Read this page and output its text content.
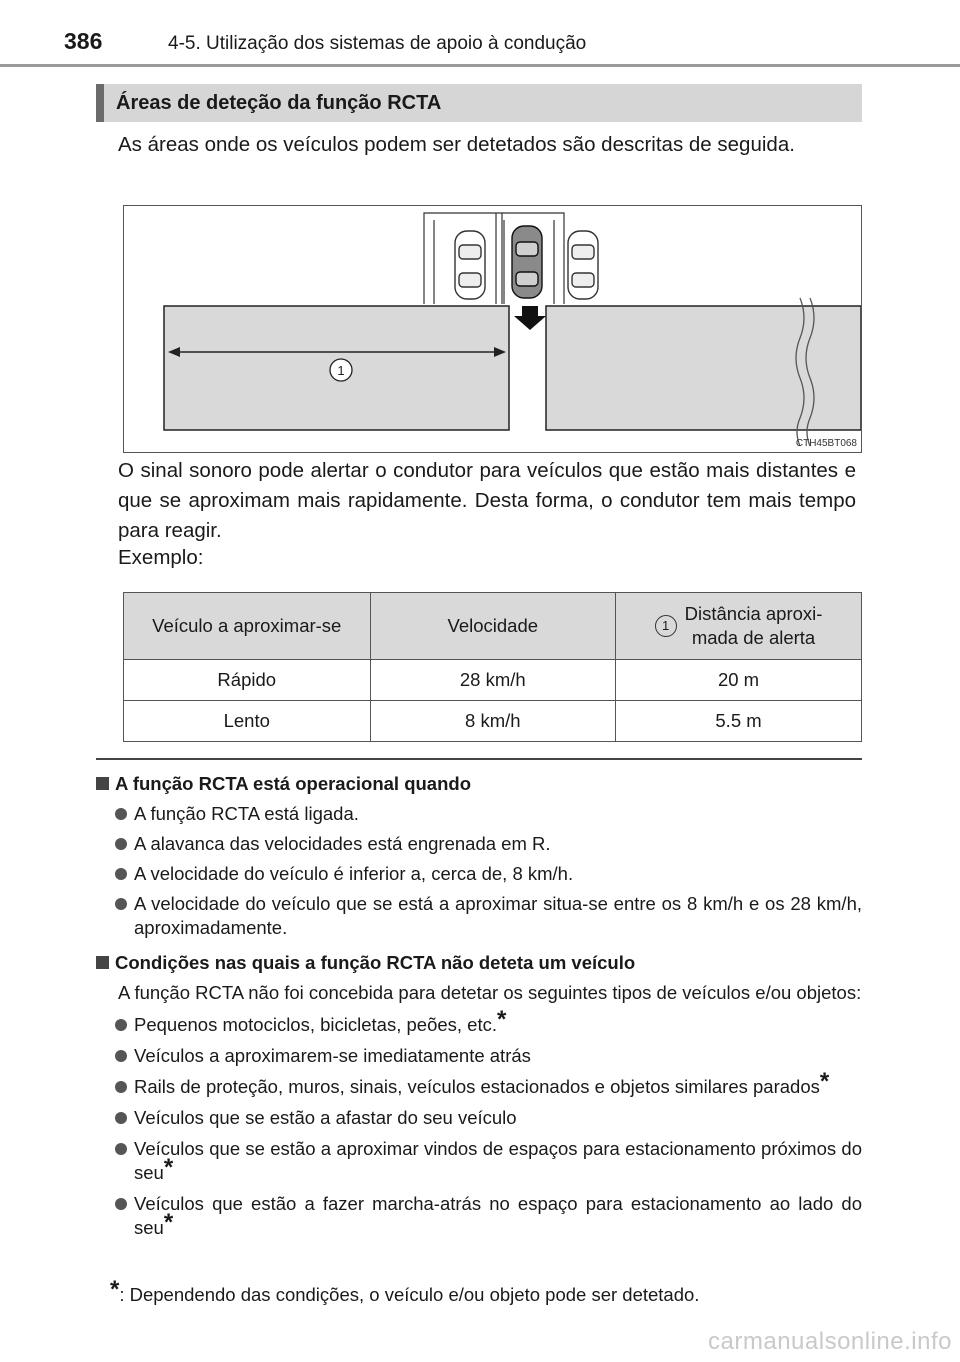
386	4-5. Utilização dos sistemas de apoio à condução
Áreas de deteção da função RCTA
As áreas onde os veículos podem ser detetados são descritas de seguida.
1
CTH45BT068
O sinal sonoro pode alertar o condutor para veículos que estão mais distantes e que se aproximam mais rapidamente. Desta forma, o condutor tem mais tempo para reagir.
Exemplo:
Veículo a aproximar-se	Velocidade	1
Distância aproxi-
mada de alerta

Rápido	28 km/h	20 m
Lento	8 km/h	5.5 m
A função RCTA está operacional quando
A função RCTA está ligada.
A alavanca das velocidades está engrenada em R.
A velocidade do veículo é inferior a, cerca de, 8 km/h.
A velocidade do veículo que se está a aproximar situa-se entre os 8 km/h e os 28 km/h, aproximadamente.
Condições nas quais a função RCTA não deteta um veículo
A função RCTA não foi concebida para detetar os seguintes tipos de veículos e/ou objetos:
Pequenos motociclos, bicicletas, peões, etc.*
Veículos a aproximarem-se imediatamente atrás
Rails de proteção, muros, sinais, veículos estacionados e objetos similares parados*
Veículos que se estão a afastar do seu veículo
Veículos que se estão a aproximar vindos de espaços para estacionamento próximos do seu*
Veículos que estão a fazer marcha-atrás no espaço para estacionamento ao lado do seu*
*: Dependendo das condições, o veículo e/ou objeto pode ser detetado.
carmanualsonline.info
